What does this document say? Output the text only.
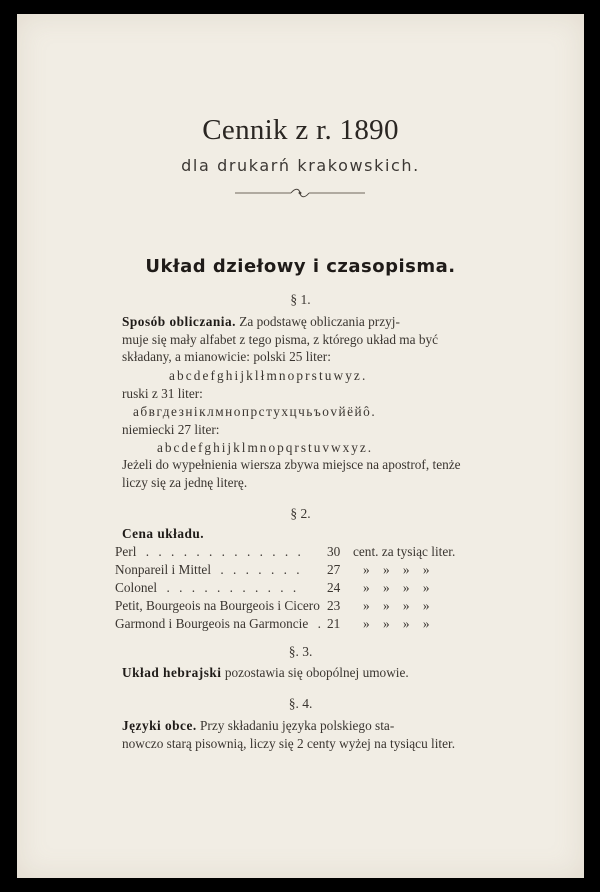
Cennik z r. 1890
dla drukarń krakowskich.
Układ dziełowy i czasopisma.
§ 1.
Sposób obliczania. Za podstawę obliczania przyj-
muje się mały alfabet z tego pisma, z którego układ ma być
składany, a mianowicie: polski 25 liter:
abcdefghijklłmnoprstuwyz.
ruski z 31 liter:
абвгдезнiклмнопрстухцчьъоvйёйô.
niemiecki 27 liter:
abcdefghijklmnopqrstuvwxyz.
Jeżeli do wypełnienia wiersza zbywa miejsce na apostrof, tenże
liczy się za jednę literę.
§ 2.
Cena układu.
Perl . . . . . . . . . . . . . 30 cent. za tysiąc liter.
Nonpareil i Mittel . . . . . . . 27 »    »    »    »
Colonel . . . . . . . . . . . 24 »    »    »    »
Petit, Bourgeois na Bourgeois i Cicero 23 »    »    »    »
Garmond i Bourgeois na Garmoncie . 21 »    »    »    »
§. 3.
Układ hebrajski pozostawia się obopólnej umowie.
§. 4.
Języki obce. Przy składaniu języka polskiego sta-
nowczo starą pisownią, liczy się 2 centy wyżej na tysiącu liter.
